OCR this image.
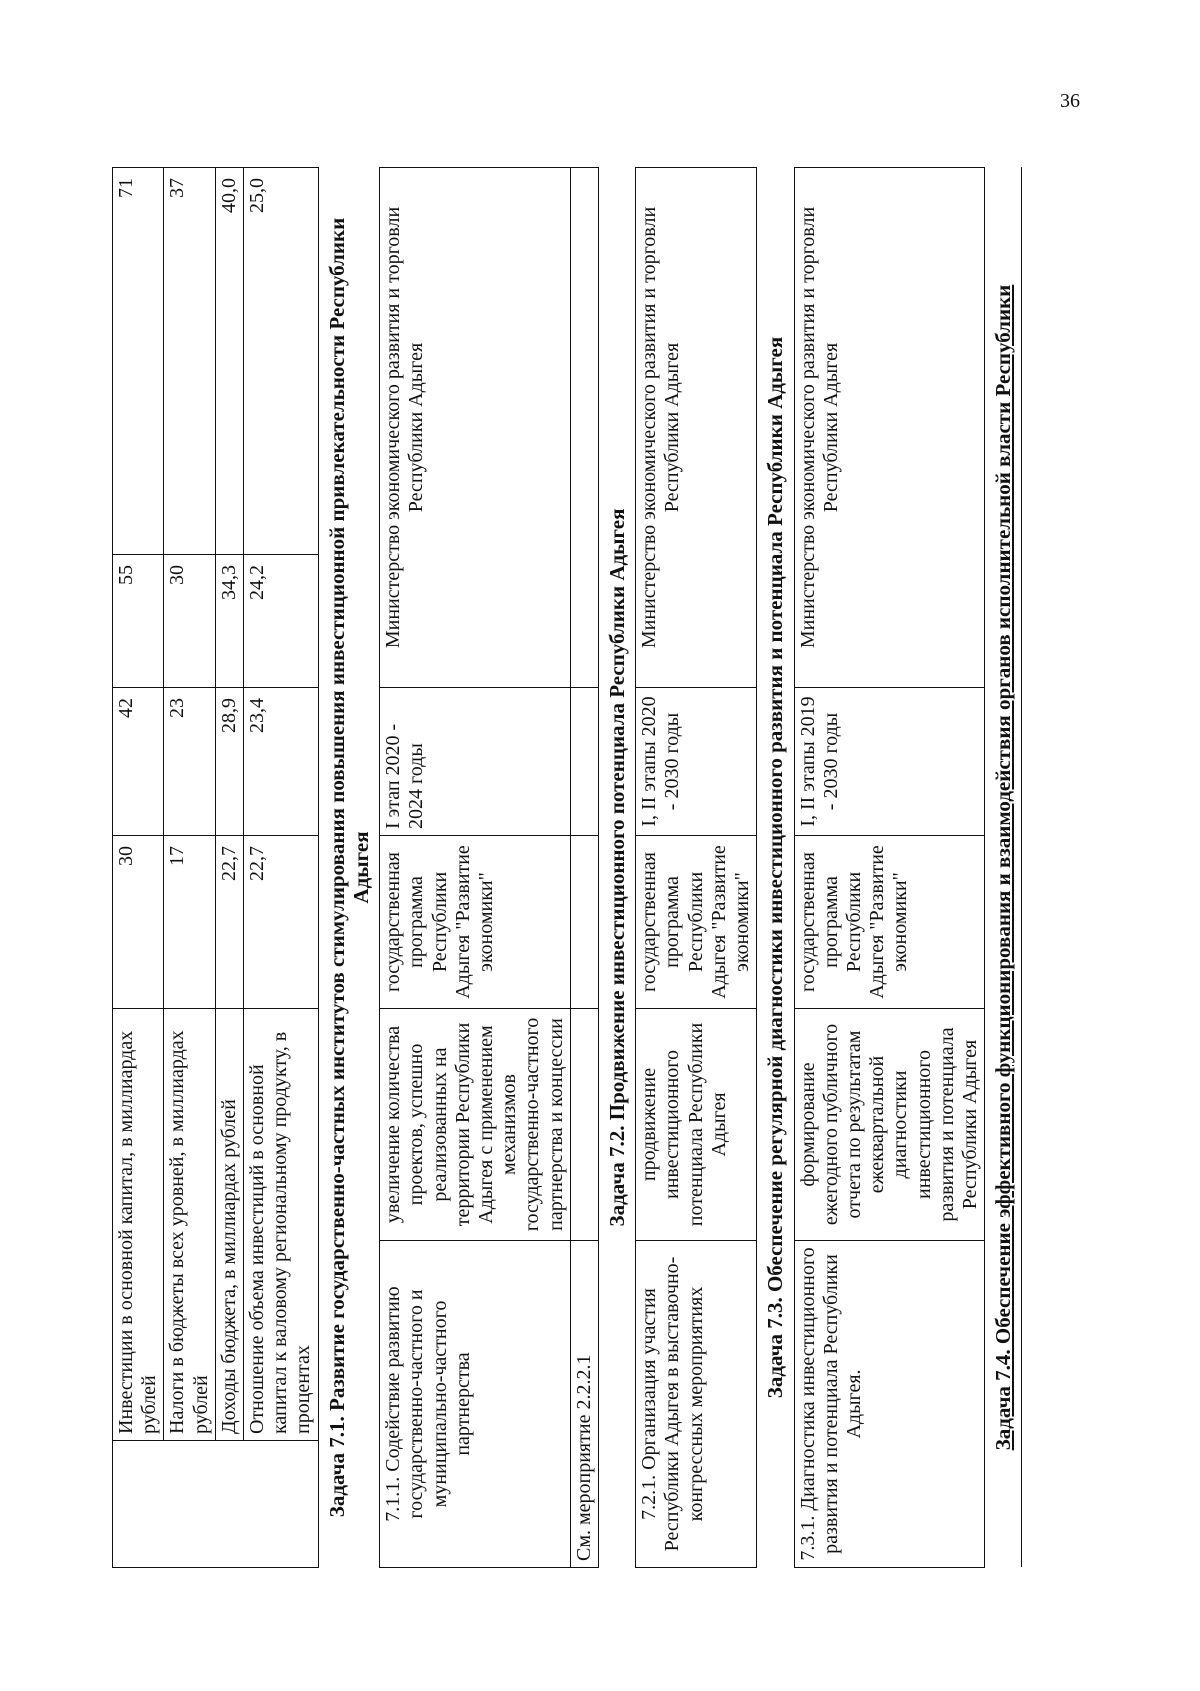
36
	Инвестиции в основной капитал, в миллиардах рублей		30	42	55	71
	Налоги в бюджеты всех уровней, в миллиардах рублей		17	23	30	37
	Доходы бюджета, в миллиардах рублей		22,7	28,9	34,3	40,0
	Отношение объема инвестиций в основной капитал к валовому региональному продукту, в процентах		22,7	23,4	24,2	25,0
Задача 7.1. Развитие государственно-частных институтов стимулирования повышения инвестиционной привлекательности Республики Адыгея						
7.1.1. Содействие развитию государственно-частного и муниципально-частного партнерства		увеличение количества проектов, успешно реализованных на территории Республики Адыгея с применением механизмов государственно-частного партнерства и концессии	государственная программа Республики Адыгея "Развитие экономики"	I этап 2020 - 2024 годы	Министерство экономического развития и торговли Республики Адыгея	
См. мероприятие 2.2.2.1						
Задача 7.2. Продвижение инвестиционного потенциала Республики Адыгея						
7.2.1. Организация участия Республики Адыгея в выставочно-конгрессных мероприятиях		продвижение инвестиционного потенциала Республики Адыгея	государственная программа Республики Адыгея "Развитие экономики"	I, II этапы 2020 - 2030 годы	Министерство экономического развития и торговли Республики Адыгея	
Задача 7.3. Обеспечение регулярной диагностики инвестиционного развития и потенциала Республики Адыгея						
7.3.1. Диагностика инвестиционного развития и потенциала Республики Адыгея.		формирование ежегодного публичного отчета по результатам ежеквартальной диагностики инвестиционного развития и потенциала Республики Адыгея	государственная программа Республики Адыгея "Развитие экономики"	I, II этапы 2019 - 2030 годы	Министерство экономического развития и торговли Республики Адыгея	
Задача 7.4. Обеспечение эффективного функционирования и взаимодействия органов исполнительной власти Республики						
